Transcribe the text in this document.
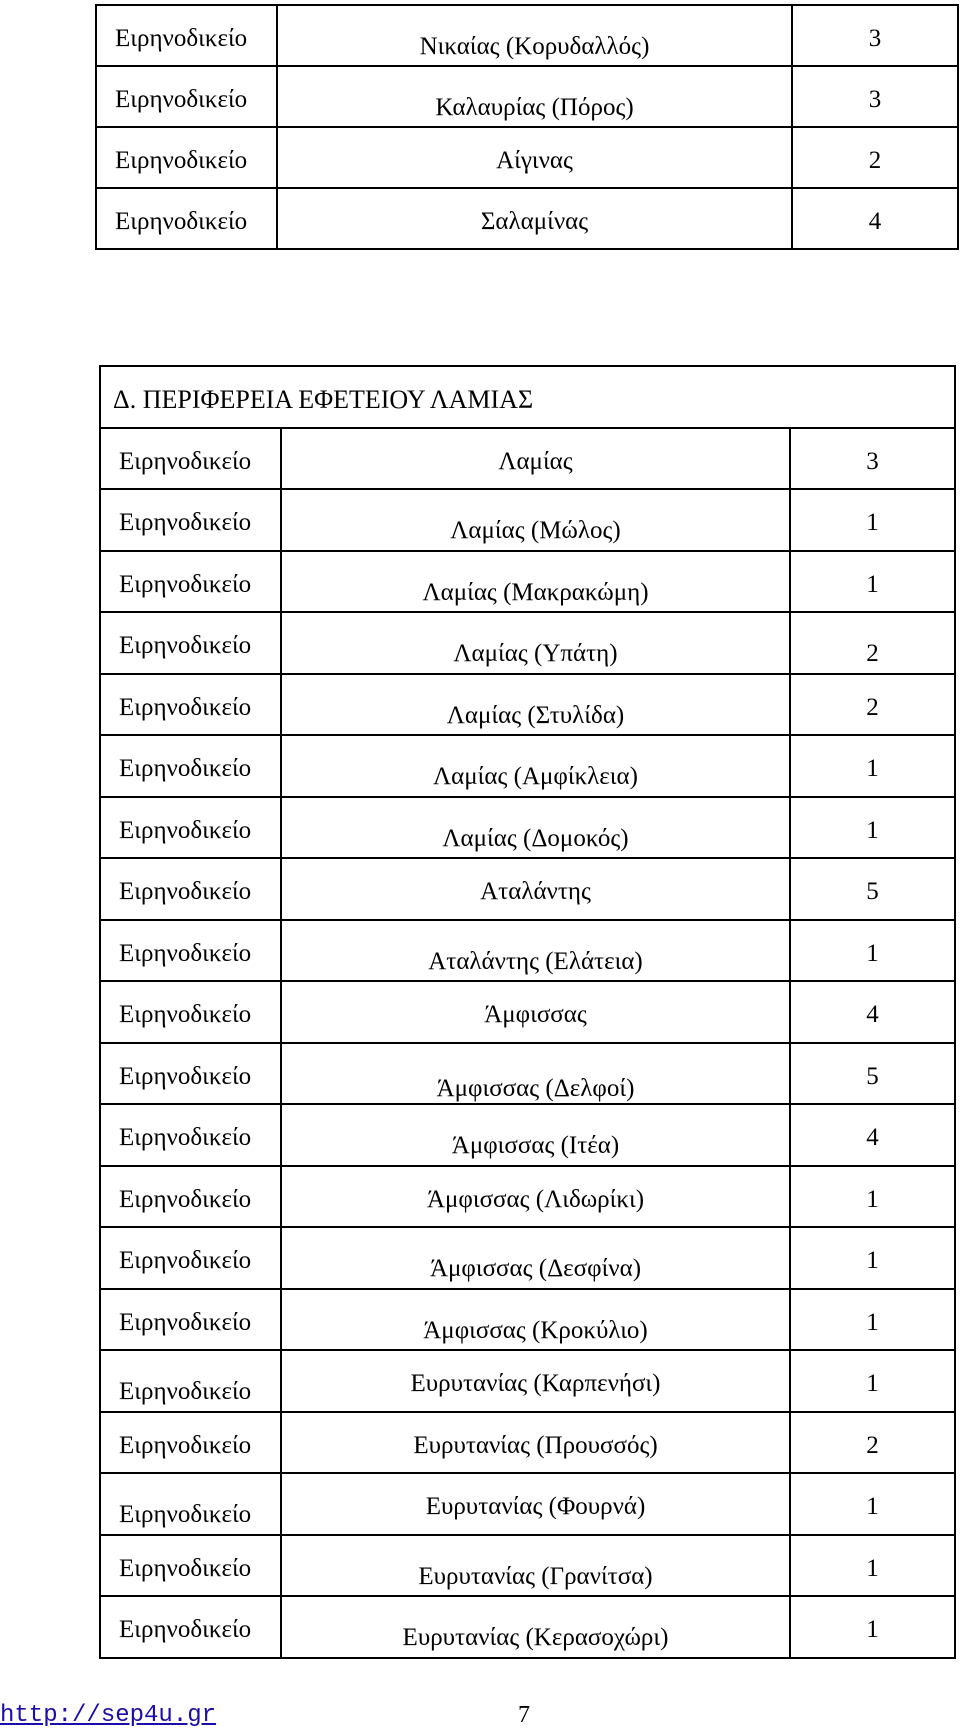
Ειρηνοδικείο	Νικαίας (Κορυδαλλός)	3
Ειρηνοδικείο	Καλαυρίας (Πόρος)	3
Ειρηνοδικείο	Αίγινας	2
Ειρηνοδικείο	Σαλαμίνας	4
Δ. ΠΕΡΙΦΕΡΕΙΑ ΕΦΕΤΕΙΟΥ ΛΑΜΙΑΣ		
Ειρηνοδικείο	Λαμίας	3
Ειρηνοδικείο	Λαμίας (Μώλος)	1
Ειρηνοδικείο	Λαμίας (Μακρακώμη)	1
Ειρηνοδικείο	Λαμίας (Υπάτη)	2
Ειρηνοδικείο	Λαμίας (Στυλίδα)	2
Ειρηνοδικείο	Λαμίας (Αμφίκλεια)	1
Ειρηνοδικείο	Λαμίας (Δομοκός)	1
Ειρηνοδικείο	Αταλάντης	5
Ειρηνοδικείο	Αταλάντης (Ελάτεια)	1
Ειρηνοδικείο	Άμφισσας	4
Ειρηνοδικείο	Άμφισσας (Δελφοί)	5
Ειρηνοδικείο	Άμφισσας (Ιτέα)	4
Ειρηνοδικείο	Άμφισσας (Λιδωρίκι)	1
Ειρηνοδικείο	Άμφισσας (Δεσφίνα)	1
Ειρηνοδικείο	Άμφισσας (Κροκύλιο)	1
Ειρηνοδικείο	Ευρυτανίας (Καρπενήσι)	1
Ειρηνοδικείο	Ευρυτανίας (Προυσσός)	2
Ειρηνοδικείο	Ευρυτανίας (Φουρνά)	1
Ειρηνοδικείο	Ευρυτανίας (Γρανίτσα)	1
Ειρηνοδικείο	Ευρυτανίας (Κερασοχώρι)	1
http://sep4u.gr	7
